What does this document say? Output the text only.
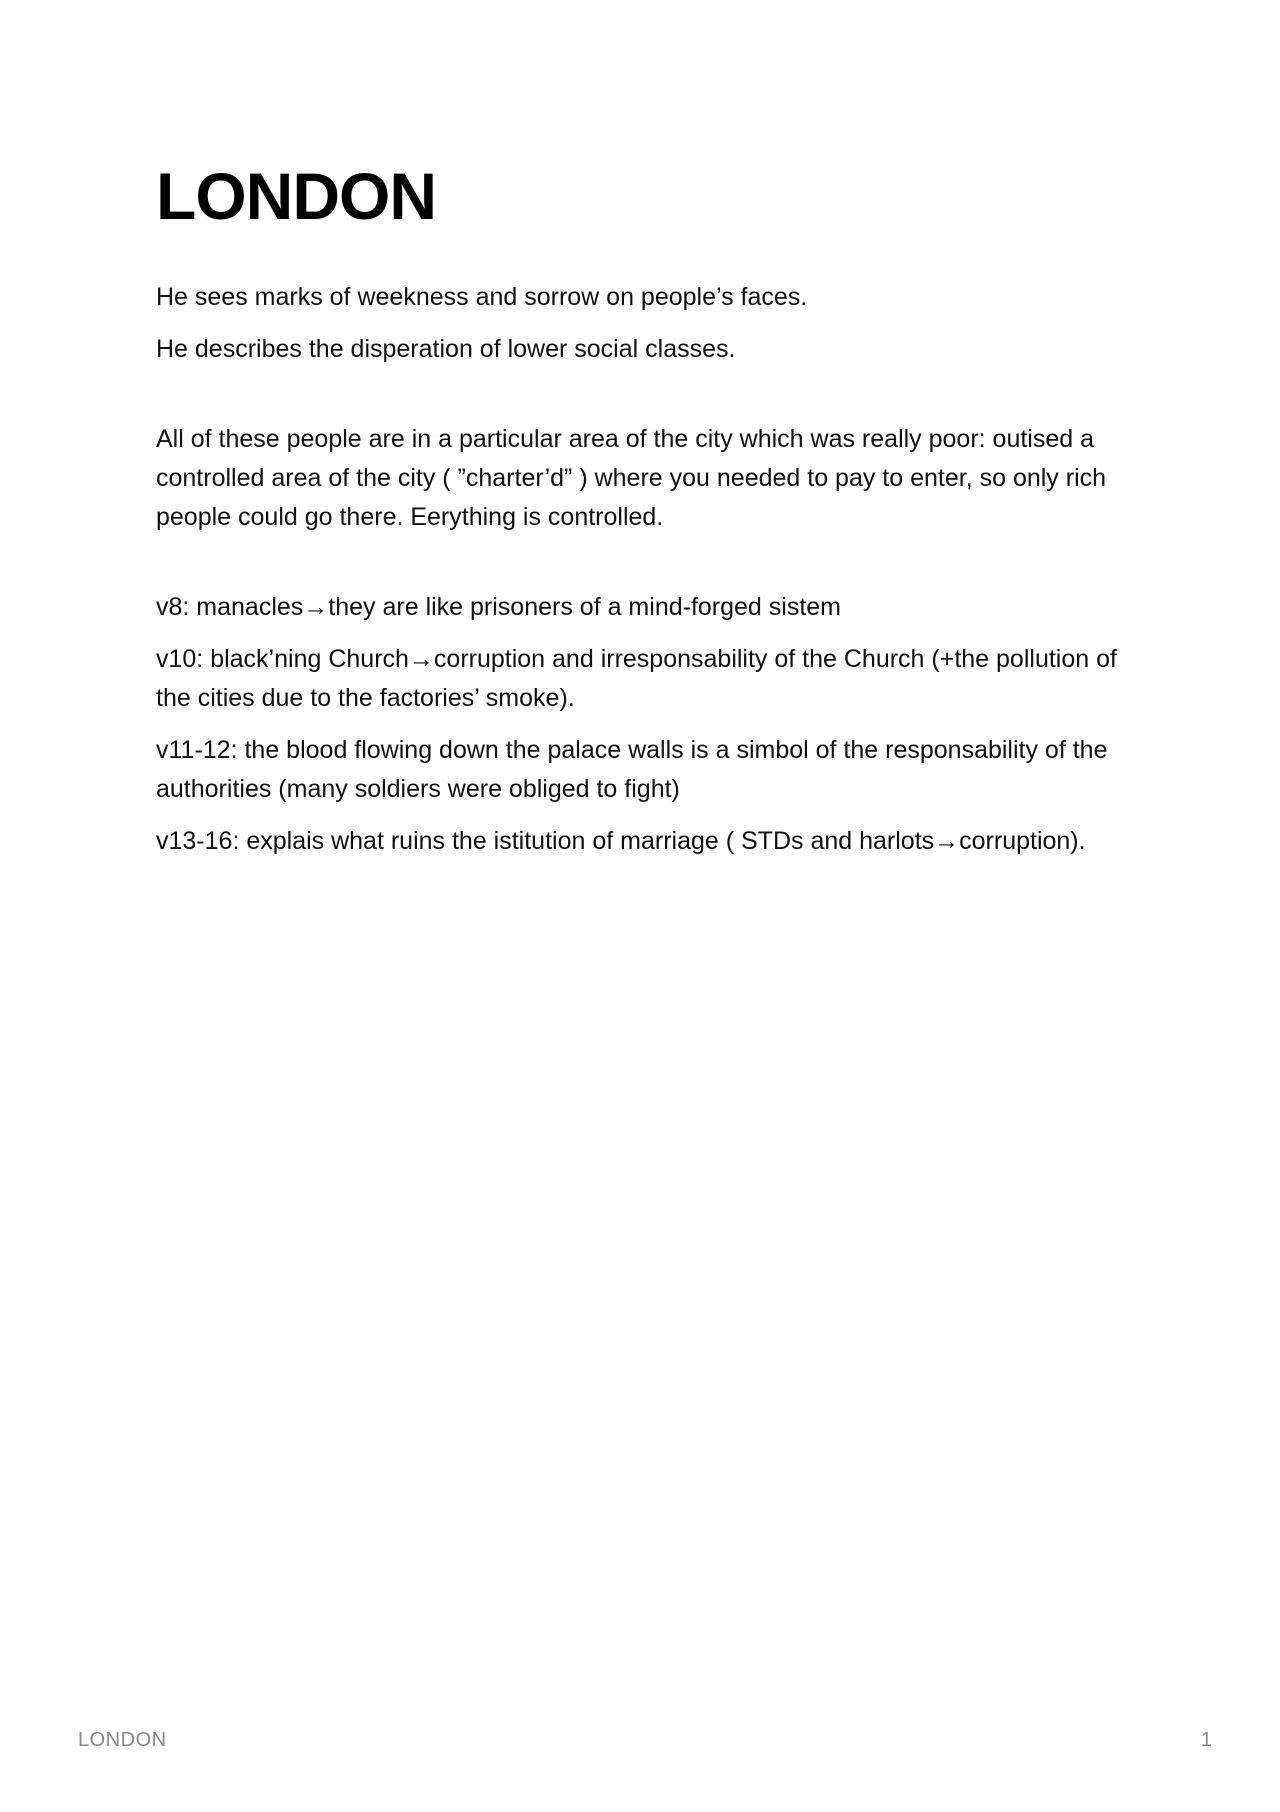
LONDON

He sees marks of weekness and sorrow on people’s faces.

He describes the disperation of lower social classes.

All of these people are in a particular area of the city which was really poor: outised a controlled area of the city ( ”charter’d” ) where you needed to pay to enter, so only rich people could go there. Eerything is controlled.

v8: manacles→they are like prisoners of a mind-forged sistem

v10: black’ning Church→corruption and irresponsability of the Church (+the pollution of the cities due to the factories’ smoke).

v11-12: the blood flowing down the palace walls is a simbol of the responsability of the authorities (many soldiers were obliged to fight)

v13-16: explais what ruins the istitution of marriage ( STDs and harlots→corruption).

LONDON	1
